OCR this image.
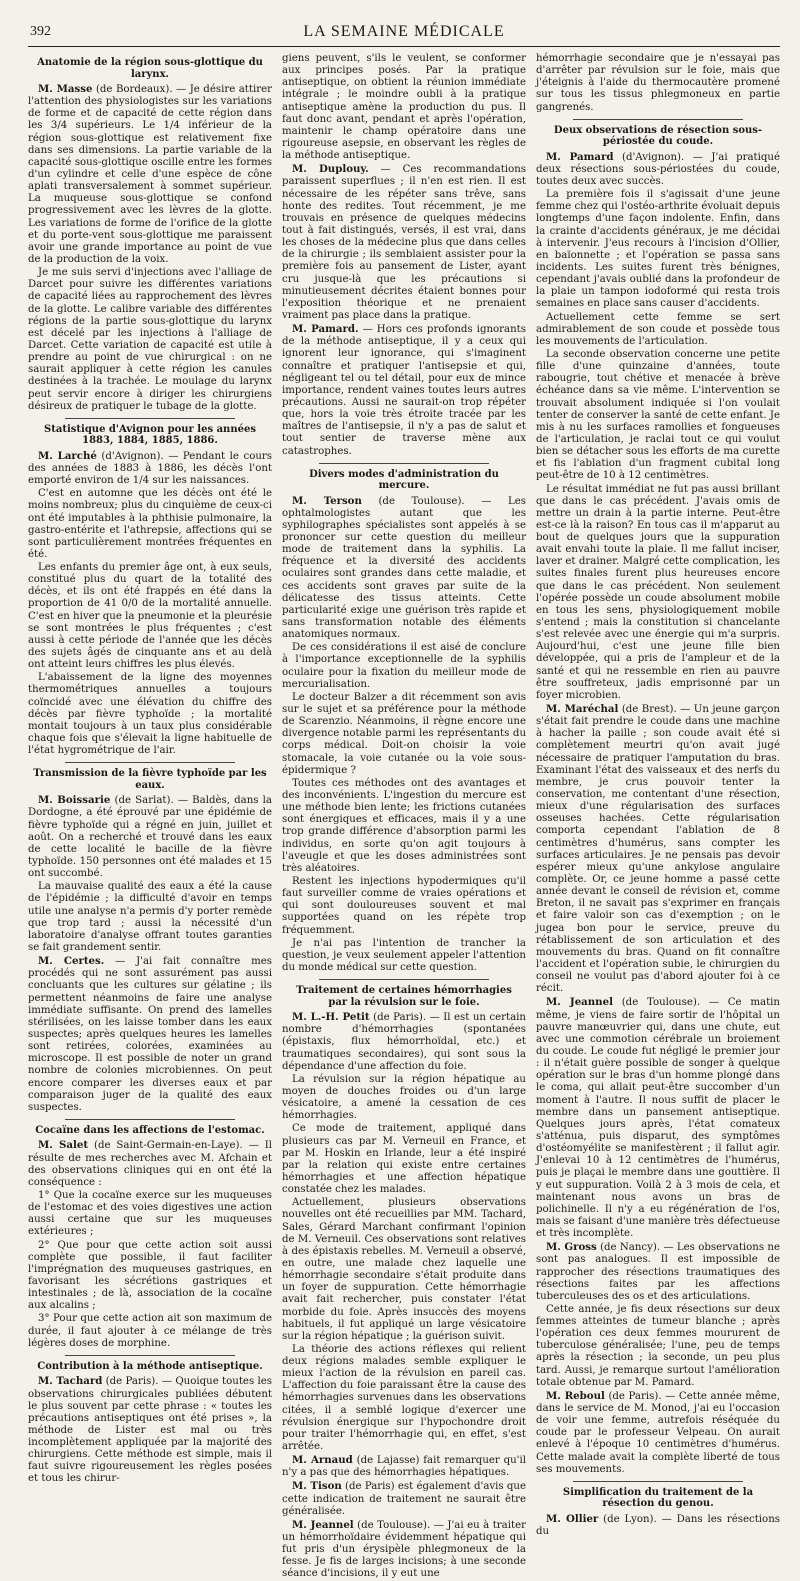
392	LA SEMAINE MÉDICALE
Anatomie de la région sous-glottique du larynx.

M. Masse (de Bordeaux). — Je désire attirer l'attention des physiologistes sur les variations de forme et de capacité de cette région dans les 3/4 supérieurs. Le 1/4 inférieur de la région sous-glottique est relativement fixe dans ses dimensions. La partie variable de la capacité sous-glottique oscille entre les formes d'un cylindre et celle d'une espèce de cône aplati transversalement à sommet supérieur. La muqueuse sous-glottique se confond progressivement avec les lèvres de la glotte. Les variations de forme de l'orifice de la glotte et du porte-vent sous-glottique me paraissent avoir une grande importance au point de vue de la production de la voix.

Je me suis servi d'injections avec l'alliage de Darcet pour suivre les différentes variations de capacité liées au rapprochement des lèvres de la glotte. Le calibre variable des différentes régions de la partie sous-glottique du larynx est décelé par les injections à l'alliage de Darcet. Cette variation de capacité est utile à prendre au point de vue chirurgical : on ne saurait appliquer à cette région les canules destinées à la trachée. Le moulage du larynx peut servir encore à diriger les chirurgiens désireux de pratiquer le tubage de la glotte.

Statistique d'Avignon pour les années 1883, 1884, 1885, 1886.

M. Larché (d'Avignon). — Pendant le cours des années de 1883 à 1886, les décès l'ont emporté environ de 1/4 sur les naissances.

C'est en automne que les décès ont été le moins nombreux; plus du cinquième de ceux-ci ont été imputables à la phthisie pulmonaire, la gastro-entérite et l'athrepsie, affections qui se sont particulièrement montrées fréquentes en été.

Les enfants du premier âge ont, à eux seuls, constitué plus du quart de la totalité des décès, et ils ont été frappés en été dans la proportion de 41 0/0 de la mortalité annuelle. C'est en hiver que la pneumonie et la pleurésie se sont montrées le plus fréquentes ; c'est aussi à cette période de l'année que les décès des sujets âgés de cinquante ans et au delà ont atteint leurs chiffres les plus élevés.

L'abaissement de la ligne des moyennes thermométriques annuelles a toujours coïncidé avec une élévation du chiffre des décès par fièvre typhoïde ; la mortalité montait toujours à un taux plus considérable chaque fois que s'élevait la ligne habituelle de l'état hygrométrique de l'air.

Transmission de la fièvre typhoïde par les eaux.

M. Boissarie (de Sarlat). — Baldès, dans la Dordogne, a été éprouvé par une épidémie de fièvre typhoïde qui a régné en juin, juillet et août. On a recherché et trouvé dans les eaux de cette localité le bacille de la fièvre typhoïde. 150 personnes ont été malades et 15 ont succombé.

La mauvaise qualité des eaux a été la cause de l'épidémie ; la difficulté d'avoir en temps utile une analyse n'a permis d'y porter remède que trop tard ; aussi la nécessité d'un laboratoire d'analyse offrant toutes garanties se fait grandement sentir.

M. Certes. — J'ai fait connaître mes procédés qui ne sont assurément pas aussi concluants que les cultures sur gélatine ; ils permettent néanmoins de faire une analyse immédiate suffisante. On prend des lamelles stérilisées, on les laisse tomber dans les eaux suspectes; après quelques heures les lamelles sont retirées, colorées, examinées au microscope. Il est possible de noter un grand nombre de colonies microbiennes. On peut encore comparer les diverses eaux et par comparaison juger de la qualité des eaux suspectes.

Cocaïne dans les affections de l'estomac.

M. Salet (de Saint-Germain-en-Laye). — Il résulte de mes recherches avec M. Afchain et des observations cliniques qui en ont été la conséquence :

1° Que la cocaïne exerce sur les muqueuses de l'estomac et des voies digestives une action aussi certaine que sur les muqueuses extérieures ;

2° Que pour que cette action soit aussi complète que possible, il faut faciliter l'imprégnation des muqueuses gastriques, en favorisant les sécrétions gastriques et intestinales ; de là, association de la cocaïne aux alcalins ;

3° Pour que cette action ait son maximum de durée, il faut ajouter à ce mélange de très légères doses de morphine.

Contribution à la méthode antiseptique.

M. Tachard (de Paris). — Quoique toutes les observations chirurgicales publiées débutent le plus souvent par cette phrase : « toutes les précautions antiseptiques ont été prises », la méthode de Lister est mal ou très incomplètement appliquée par la majorité des chirurgiens. Cette méthode est simple, mais il faut suivre rigoureusement les règles posées et tous les chirur-

giens peuvent, s'ils le veulent, se conformer aux principes posés. Par la pratique antiseptique, on obtient la réunion immédiate intégrale ; le moindre oubli à la pratique antiseptique amène la production du pus. Il faut donc avant, pendant et après l'opération, maintenir le champ opératoire dans une rigoureuse asepsie, en observant les règles de la méthode antiseptique.

M. Duplouy. — Ces recommandations paraissent superflues ; il n'en est rien. Il est nécessaire de les répéter sans trêve, sans honte des redites. Tout récemment, je me trouvais en présence de quelques médecins tout à fait distingués, versés, il est vrai, dans les choses de la médecine plus que dans celles de la chirurgie ; ils semblaient assister pour la première fois au pansement de Lister, ayant cru jusque-là que les précautions si minutieusement décrites étaient bonnes pour l'exposition théorique et ne prenaient vraiment pas place dans la pratique.

M. Pamard. — Hors ces profonds ignorants de la méthode antiseptique, il y a ceux qui ignorent leur ignorance, qui s'imaginent connaître et pratiquer l'antisepsie et qui, négligeant tel ou tel détail, pour eux de mince importance, rendent vaines toutes leurs autres précautions. Aussi ne saurait-on trop répéter que, hors la voie très étroite tracée par les maîtres de l'antisepsie, il n'y a pas de salut et tout sentier de traverse mène aux catastrophes.

Divers modes d'administration du mercure.

M. Terson (de Toulouse). — Les ophtalmologistes autant que les syphilographes spécialistes sont appelés à se prononcer sur cette question du meilleur mode de traitement dans la syphilis. La fréquence et la diversité des accidents oculaires sont grandes dans cette maladie, et ces accidents sont graves par suite de la délicatesse des tissus atteints. Cette particularité exige une guérison très rapide et sans transformation notable des éléments anatomiques normaux.

De ces considérations il est aisé de conclure à l'importance exceptionnelle de la syphilis oculaire pour la fixation du meilleur mode de mercurialisation.

Le docteur Balzer a dit récemment son avis sur le sujet et sa préférence pour la méthode de Scarenzio. Néanmoins, il règne encore une divergence notable parmi les représentants du corps médical. Doit-on choisir la voie stomacale, la voie cutanée ou la voie sous-épidermique ?

Toutes ces méthodes ont des avantages et des inconvénients. L'ingestion du mercure est une méthode bien lente; les frictions cutanées sont énergiques et efficaces, mais il y a une trop grande différence d'absorption parmi les individus, en sorte qu'on agit toujours à l'aveugle et que les doses administrées sont très aléatoires.

Restent les injections hypodermiques qu'il faut surveiller comme de vraies opérations et qui sont douloureuses souvent et mal supportées quand on les répète trop fréquemment.

Je n'ai pas l'intention de trancher la question, je veux seulement appeler l'attention du monde médical sur cette question.

Traitement de certaines hémorrhagies par la révulsion sur le foie.

M. L.-H. Petit (de Paris). — Il est un certain nombre d'hémorrhagies (spontanées (épistaxis, flux hémorrhoïdal, etc.) et traumatiques secondaires), qui sont sous la dépendance d'une affection du foie.

La révulsion sur la région hépatique au moyen de douches froides ou d'un large vésicatoire, a amené la cessation de ces hémorrhagies.

Ce mode de traitement, appliqué dans plusieurs cas par M. Verneuil en France, et par M. Hoskin en Irlande, leur a été inspiré par la relation qui existe entre certaines hémorrhagies et une affection hépatique constatée chez les malades.

Actuellement, plusieurs observations nouvelles ont été recueillies par MM. Tachard, Sales, Gérard Marchant confirmant l'opinion de M. Verneuil. Ces observations sont relatives à des épistaxis rebelles. M. Verneuil a observé, en outre, une malade chez laquelle une hémorrhagie secondaire s'était produite dans un foyer de suppuration. Cette hémorrhagie avait fait rechercher, puis constater l'état morbide du foie. Après insuccès des moyens habituels, il fut appliqué un large vésicatoire sur la région hépatique ; la guérison suivit.

La théorie des actions réflexes qui relient deux régions malades semble expliquer le mieux l'action de la révulsion en pareil cas. L'affection du foie paraissant être la cause des hémorrhagies survenues dans les observations citées, il a semblé logique d'exercer une révulsion énergique sur l'hypochondre droit pour traiter l'hémorrhagie qui, en effet, s'est arrêtée.

M. Arnaud (de Lajasse) fait remarquer qu'il n'y a pas que des hémorrhagies hépatiques.

M. Tison (de Paris) est également d'avis que cette indication de traitement ne saurait être généralisée.

M. Jeannel (de Toulouse). — J'ai eu à traiter un hémorrhoïdaire évidemment hépatique qui fut pris d'un érysipèle phlegmoneux de la fesse. Je fis de larges incisions; à une seconde séance d'incisions, il y eut une

hémorrhagie secondaire que je n'essayai pas d'arrêter par révulsion sur le foie, mais que j'éteignis à l'aide du thermocautère promené sur tous les tissus phlegmoneux en partie gangrenés.

Deux observations de résection sous-périostée du coude.

M. Pamard (d'Avignon). — J'ai pratiqué deux résections sous-périostées du coude, toutes deux avec succès.

La première fois il s'agissait d'une jeune femme chez qui l'ostéo-arthrite évoluait depuis longtemps d'une façon indolente. Enfin, dans la crainte d'accidents généraux, je me décidai à intervenir. J'eus recours à l'incision d'Ollier, en baïonnette ; et l'opération se passa sans incidents. Les suites furent très bénignes, cependant j'avais oublié dans la profondeur de la plaie un tampon iodoformé qui resta trois semaines en place sans causer d'accidents.

Actuellement cette femme se sert admirablement de son coude et possède tous les mouvements de l'articulation.

La seconde observation concerne une petite fille d'une quinzaine d'années, toute rabougrie, tout chétive et menacée à brève échéance dans sa vie même. L'intervention se trouvait absolument indiquée si l'on voulait tenter de conserver la santé de cette enfant. Je mis à nu les surfaces ramollies et fongueuses de l'articulation, je raclai tout ce qui voulut bien se détacher sous les efforts de ma curette et fis l'ablation d'un fragment cubital long peut-être de 10 à 12 centimètres.

Le résultat immédiat ne fut pas aussi brillant que dans le cas précédent. J'avais omis de mettre un drain à la partie interne. Peut-être est-ce là la raison? En tous cas il m'apparut au bout de quelques jours que la suppuration avait envahi toute la plaie. Il me fallut inciser, laver et drainer. Malgré cette complication, les suites finales furent plus heureuses encore que dans le cas précédent. Non seulement l'opérée possède un coude absolument mobile en tous les sens, physiologiquement mobile s'entend ; mais la constitution si chancelante s'est relevée avec une énergie qui m'a surpris. Aujourd'hui, c'est une jeune fille bien développée, qui a pris de l'ampleur et de la santé et qui ne ressemble en rien au pauvre être souffreteux, jadis emprisonné par un foyer microbien.

M. Maréchal (de Brest). — Un jeune garçon s'était fait prendre le coude dans une machine à hacher la paille ; son coude avait été si complètement meurtri qu'on avait jugé nécessaire de pratiquer l'amputation du bras. Examinant l'état des vaisseaux et des nerfs du membre, je crus pouvoir tenter la conservation, me contentant d'une résection, mieux d'une régularisation des surfaces osseuses hachées. Cette régularisation comporta cependant l'ablation de 8 centimètres d'humérus, sans compter les surfaces articulaires. Je ne pensais pas devoir espérer mieux qu'une ankylose angulaire complète. Or, ce jeune homme a passé cette année devant le conseil de révision et, comme Breton, il ne savait pas s'exprimer en français et faire valoir son cas d'exemption ; on le jugea bon pour le service, preuve du rétablissement de son articulation et des mouvements du bras. Quand on fit connaître l'accident et l'opération subie, le chirurgien du conseil ne voulut pas d'abord ajouter foi à ce récit.

M. Jeannel (de Toulouse). — Ce matin même, je viens de faire sortir de l'hôpital un pauvre manœuvrier qui, dans une chute, eut avec une commotion cérébrale un broiement du coude. Le coude fut négligé le premier jour : il n'était guère possible de songer à quelque opération sur le bras d'un homme plongé dans le coma, qui allait peut-être succomber d'un moment à l'autre. Il nous suffit de placer le membre dans un pansement antiseptique. Quelques jours après, l'état comateux s'atténua, puis disparut, des symptômes d'ostéomyélite se manifestèrent ; il fallut agir. J'enlevai 10 à 12 centimètres de l'humérus, puis je plaçai le membre dans une gouttière. Il y eut suppuration. Voilà 2 à 3 mois de cela, et maintenant nous avons un bras de polichinelle. Il n'y a eu régénération de l'os, mais se faisant d'une manière très défectueuse et très incomplète.

M. Gross (de Nancy). — Les observations ne sont pas analogues. Il est impossible de rapprocher des résections traumatiques des résections faites par les affections tuberculeuses des os et des articulations.

Cette année, je fis deux résections sur deux femmes atteintes de tumeur blanche ; après l'opération ces deux femmes moururent de tuberculose généralisée; l'une, peu de temps après la résection ; la seconde, un peu plus tard. Aussi, je remarque surtout l'amélioration totale obtenue par M. Pamard.

M. Reboul (de Paris). — Cette année même, dans le service de M. Monod, j'ai eu l'occasion de voir une femme, autrefois réséquée du coude par le professeur Velpeau. On aurait enlevé à l'époque 10 centimètres d'humérus. Cette malade avait la complète liberté de tous ses mouvements.

Simplification du traitement de la résection du genou.

M. Ollier (de Lyon). — Dans les résections du
